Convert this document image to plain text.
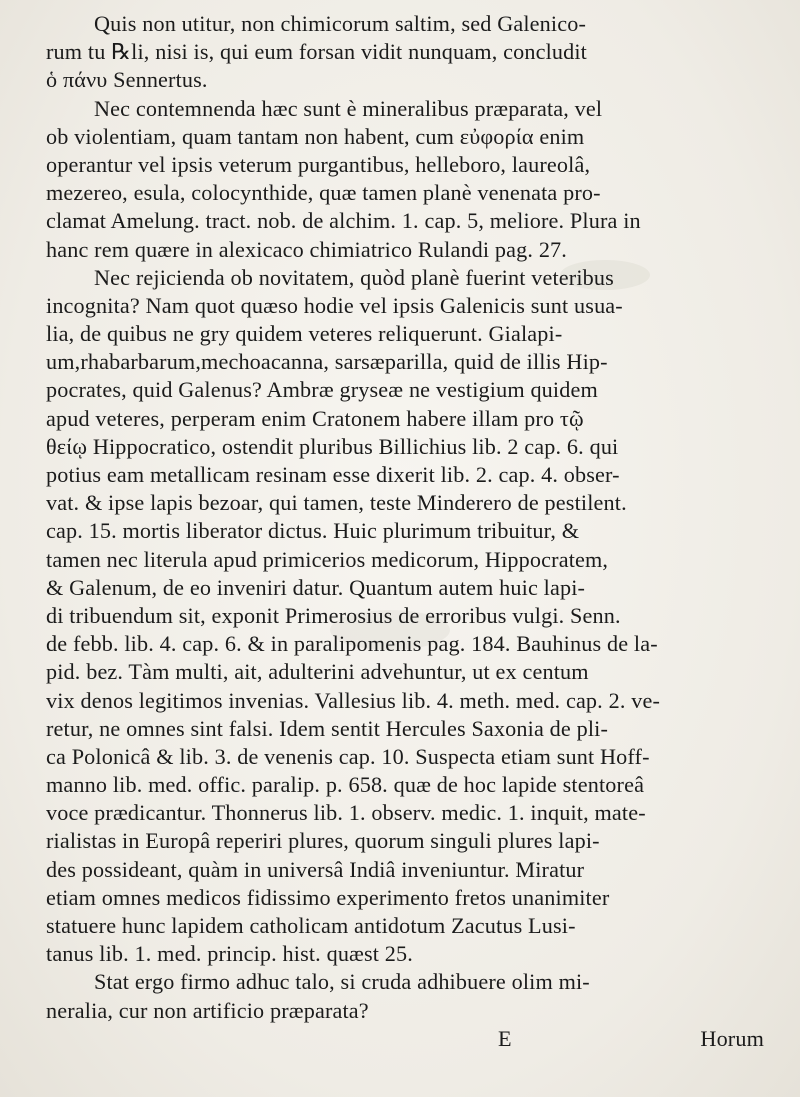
Quis non utitur, non chimicorum saltim, sed Galenico-
rum tu ℞li, nisi is, qui eum forsan vidit nunquam, concludit
ὁ πάνυ Sennertus.
Nec contemnenda hæc sunt è mineralibus præparata, vel
ob violentiam, quam tantam non habent, cum εὐφορία enim
operantur vel ipsis veterum purgantibus, helleboro, laureolâ,
mezereo, esula, colocynthide, quæ tamen planè venenata pro-
clamat Amelung. tract. nob. de alchim. 1. cap. 5, meliore. Plura in
hanc rem quære in alexicaco chimiatrico Rulandi pag. 27.
Nec rejicienda ob novitatem, quòd planè fuerint veteribus
incognita? Nam quot quæso hodie vel ipsis Galenicis sunt usua-
lia, de quibus ne gry quidem veteres reliquerunt. Gialapi-
um,rhabarbarum,mechoacanna, sarsæparilla, quid de illis Hip-
pocrates, quid Galenus? Ambræ gryseæ ne vestigium quidem
apud veteres, perperam enim Cratonem habere illam pro τῷ
θείῳ Hippocratico, ostendit pluribus Billichius lib. 2 cap. 6. qui
potius eam metallicam resinam esse dixerit lib. 2. cap. 4. obser-
vat. & ipse lapis bezoar, qui tamen, teste Minderero de pestilent.
cap. 15. mortis liberator dictus. Huic plurimum tribuitur, &
tamen nec literula apud primicerios medicorum, Hippocratem,
& Galenum, de eo inveniri datur. Quantum autem huic lapi-
di tribuendum sit, exponit Primerosius de erroribus vulgi. Senn.
de febb. lib. 4. cap. 6. & in paralipomenis pag. 184. Bauhinus de la-
pid. bez. Tàm multi, ait, adulterini advehuntur, ut ex centum
vix denos legitimos invenias. Vallesius lib. 4. meth. med. cap. 2. ve-
retur, ne omnes sint falsi. Idem sentit Hercules Saxonia de pli-
ca Polonicâ & lib. 3. de venenis cap. 10. Suspecta etiam sunt Hoff-
manno lib. med. offic. paralip. p. 658. quæ de hoc lapide stentoreâ
voce prædicantur. Thonnerus lib. 1. observ. medic. 1. inquit, mate-
rialistas in Europâ reperiri plures, quorum singuli plures lapi-
des possideant, quàm in universâ Indiâ inveniuntur. Miratur
etiam omnes medicos fidissimo experimento fretos unanimiter
statuere hunc lapidem catholicam antidotum Zacutus Lusi-
tanus lib. 1. med. princip. hist. quæst 25.
Stat ergo firmo adhuc talo, si cruda adhibuere olim mi-
neralia, cur non artificio præparata?
E	Horum
